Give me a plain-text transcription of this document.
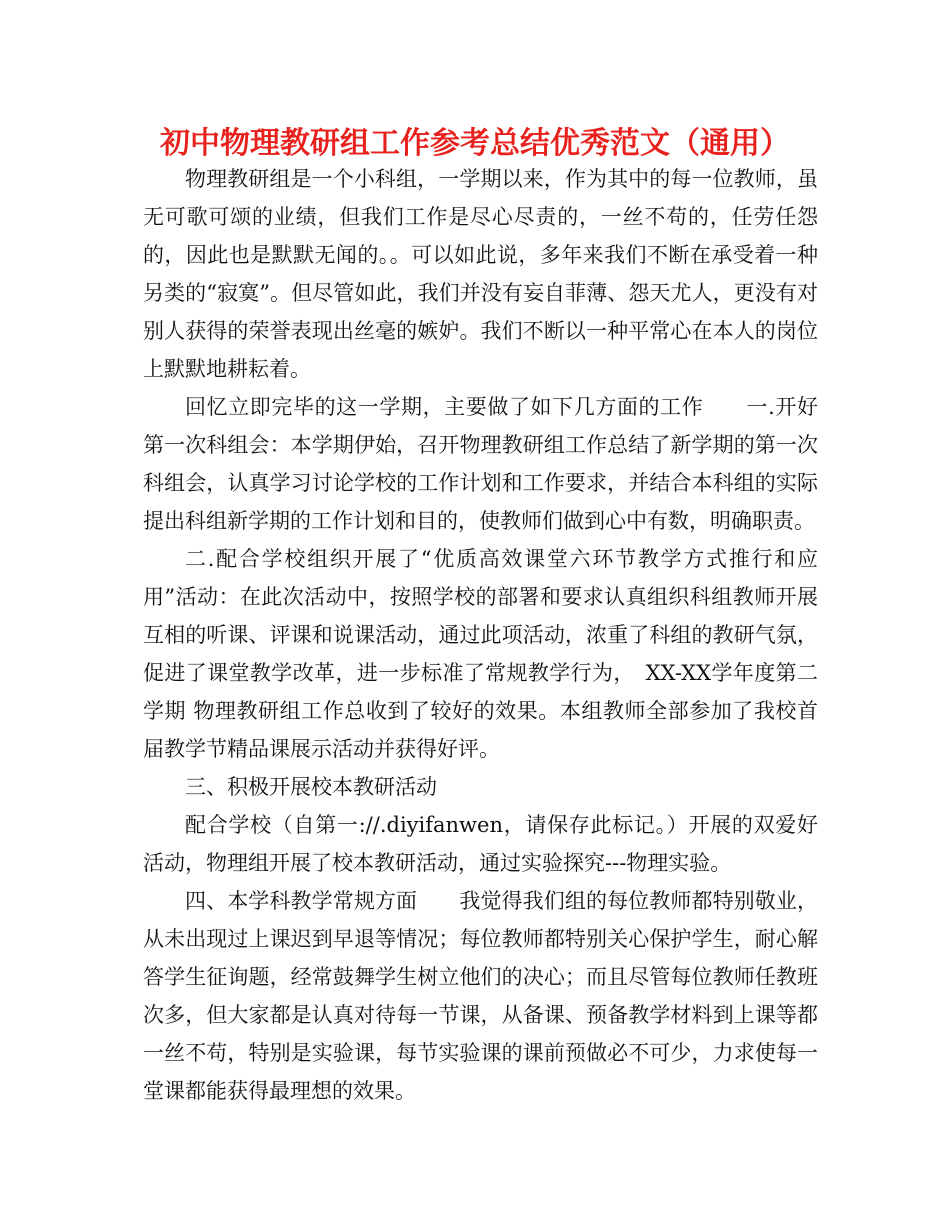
初中物理教研组工作参考总结优秀范文（通用）

物理教研组是一个小科组，一学期以来，作为其中的每一位教师，虽无可歌可颂的业绩，但我们工作是尽心尽责的，一丝不苟的，任劳任怨的，因此也是默默无闻的。。可以如此说，多年来我们不断在承受着一种另类的“寂寞”。但尽管如此，我们并没有妄自菲薄、怨天尤人，更没有对别人获得的荣誉表现出丝毫的嫉妒。我们不断以一种平常心在本人的岗位上默默地耕耘着。

回忆立即完毕的这一学期，主要做了如下几方面的工作　　一.开好第一次科组会：本学期伊始，召开物理教研组工作总结了新学期的第一次科组会，认真学习讨论学校的工作计划和工作要求，并结合本科组的实际提出科组新学期的工作计划和目的，使教师们做到心中有数，明确职责。

二.配合学校组织开展了“优质高效课堂六环节教学方式推行和应用”活动：在此次活动中，按照学校的部署和要求认真组织科组教师开展互相的听课、评课和说课活动，通过此项活动，浓重了科组的教研气氛，促进了课堂教学改革，进一步标准了常规教学行为，　XX-XX学年度第二学期 物理教研组工作总收到了较好的效果。本组教师全部参加了我校首届教学节精品课展示活动并获得好评。

三、积极开展校本教研活动

配合学校（自第一://.diyifanwen，请保存此标记。）开展的双爱好活动，物理组开展了校本教研活动，通过实验探究---物理实验。

四、本学科教学常规方面　　我觉得我们组的每位教师都特别敬业，从未出现过上课迟到早退等情况；每位教师都特别关心保护学生，耐心解答学生征询题，经常鼓舞学生树立他们的决心；而且尽管每位教师任教班次多，但大家都是认真对待每一节课，从备课、预备教学材料到上课等都一丝不苟，特别是实验课，每节实验课的课前预做必不可少，力求使每一堂课都能获得最理想的效果。
